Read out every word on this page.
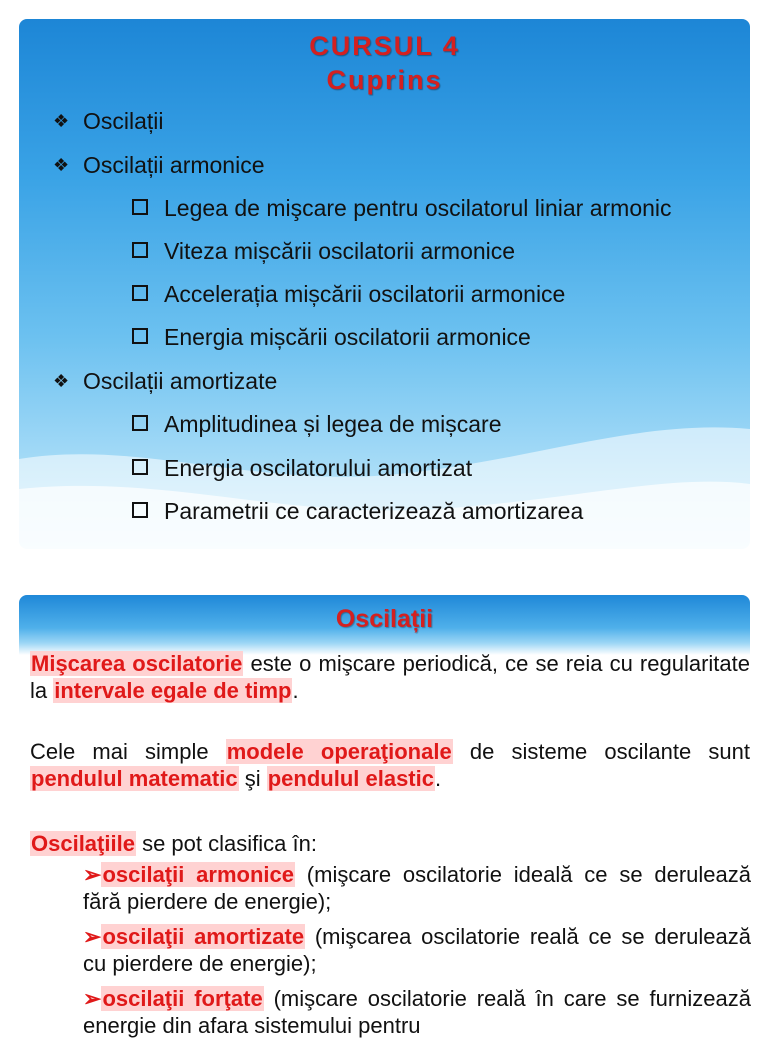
CURSUL 4
Cuprins
❖ Oscilații
❖ Oscilații armonice
Legea de mişcare pentru oscilatorul liniar armonic
Viteza mișcării oscilatorii armonice
Accelerația mișcării oscilatorii armonice
Energia mișcării oscilatorii armonice
❖ Oscilații amortizate
Amplitudinea și legea de mișcare
Energia oscilatorului amortizat
Parametrii ce caracterizează amortizarea
Oscilații
Mişcarea oscilatorie este o mişcare periodică, ce se reia cu regularitate la intervale egale de timp.
Cele mai simple modele operaţionale de sisteme oscilante sunt pendulul matematic şi pendulul elastic.
Oscilaţiile se pot clasifica în:
➢oscilaţii armonice (mişcare oscilatorie ideală ce se derulează fără pierdere de energie);
➢oscilaţii amortizate (mişcarea oscilatorie reală ce se derulează cu pierdere de energie);
➢oscilaţii forţate (mişcare oscilatorie reală în care se furnizează energie din afara sistemului pentru
